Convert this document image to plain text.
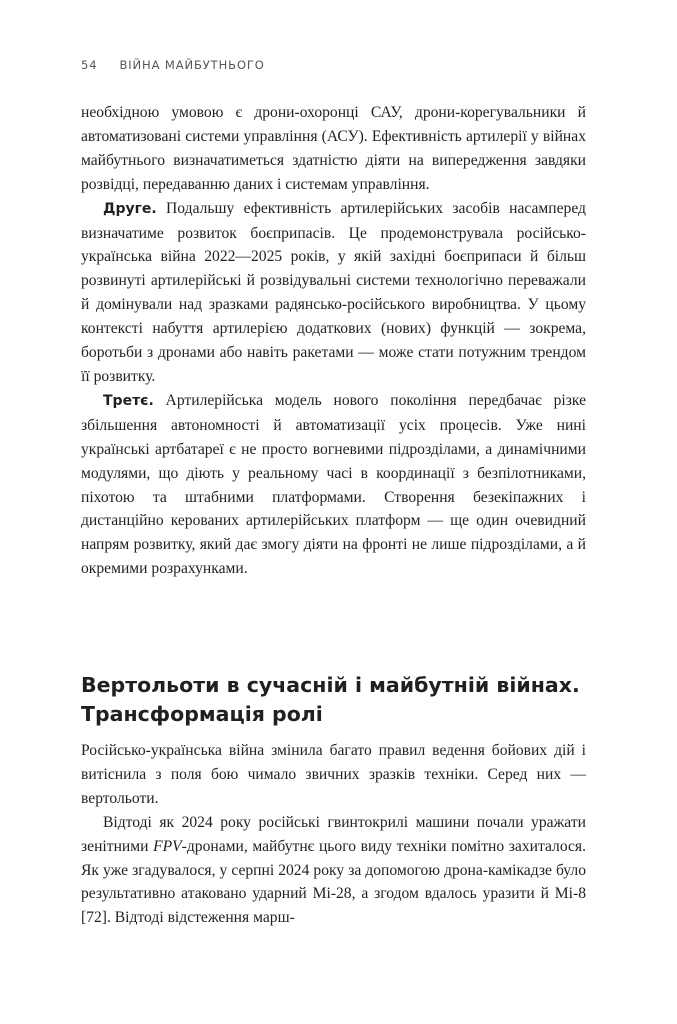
54 ВІЙНА МАЙБУТНЬОГО

необхідною умовою є дрони-охоронці САУ, дрони-корегувальники й автоматизовані системи управління (АСУ). Ефективність артилерії у війнах майбутнього визначатиметься здатністю діяти на випередження завдяки розвідці, передаванню даних і системам управління.

Друге. Подальшу ефективність артилерійських засобів насамперед визначатиме розвиток боєприпасів. Це продемонструвала російсько-українська війна 2022—2025 років, у якій західні боєприпаси й більш розвинуті артилерійські й розвідувальні системи технологічно переважали й домінували над зразками радянсько-російського виробництва. У цьому контексті набуття артилерією додаткових (нових) функцій — зокрема, боротьби з дронами або навіть ракетами — може стати потужним трендом її розвитку.

Третє. Артилерійська модель нового покоління передбачає різке збільшення автономності й автоматизації усіх процесів. Уже нині українські артбатареї є не просто вогневими підрозділами, а динамічними модулями, що діють у реальному часі в координації з безпілотниками, піхотою та штабними платформами. Створення безекіпажних і дистанційно керованих артилерійських платформ — ще один очевидний напрям розвитку, який дає змогу діяти на фронті не лише підрозділами, а й окремими розрахунками.

Вертольоти в сучасній і майбутній війнах.
Трансформація ролі

Російсько-українська війна змінила багато правил ведення бойових дій і витіснила з поля бою чимало звичних зразків техніки. Серед них — вертольоти.

Відтоді як 2024 року російські гвинтокрилі машини почали уражати зенітними FPV-дронами, майбутнє цього виду техніки помітно захиталося. Як уже згадувалося, у серпні 2024 року за допомогою дрона-камікадзе було результативно атаковано ударний Мі-28, а згодом вдалось уразити й Мі-8 [72]. Відтоді відстеження марш-
